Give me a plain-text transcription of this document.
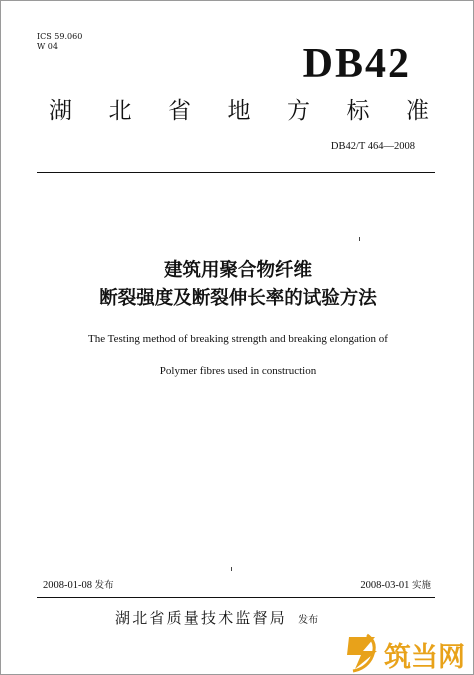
ICS 59.060
W 04	DB42
湖 北 省 地 方 标 准
DB42/T 464—2008
建筑用聚合物纤维
断裂强度及断裂伸长率的试验方法
The Testing method of breaking strength and breaking elongation of
Polymer fibres used in construction
2008-01-08 发布	2008-03-01 实施
湖北省质量技术监督局 发布
筑当网
